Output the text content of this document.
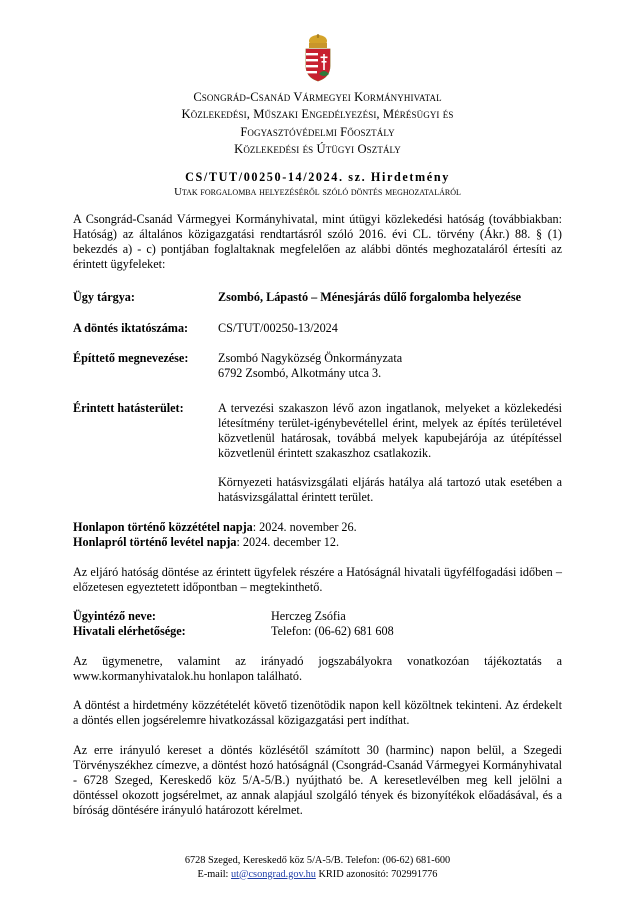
Csongrád-Csanád Vármegyei Kormányhivatal
Közlekedési, Műszaki Engedélyezési, Mérésügyi és
Fogyasztóvédelmi Főosztály
Közlekedési és Útügyi Osztály
CS/TUT/00250-14/2024. sz. Hirdetmény
Utak forgalomba helyezéséről szóló döntés meghozataláról
A Csongrád-Csanád Vármegyei Kormányhivatal, mint útügyi közlekedési hatóság (továbbiakban: Hatóság) az általános közigazgatási rendtartásról szóló 2016. évi CL. törvény (Ákr.) 88. § (1) bekezdés a) - c) pontjában foglaltaknak megfelelően az alábbi döntés meghozataláról értesíti az érintett ügyfeleket:
Ügy tárgya:	Zsombó, Lápastó – Ménesjárás dűlő forgalomba helyezése
A döntés iktatószáma: CS/TUT/00250-13/2024
Építtető megnevezése: Zsombó Nagyközség Önkormányzata
6792 Zsombó, Alkotmány utca 3.
Érintett hatásterület:	A tervezési szakaszon lévő azon ingatlanok, melyeket a közlekedési létesítmény terület-igénybevétellel érint, melyek az építés területével közvetlenül határosak, továbbá melyek kapubejárója az útépítéssel közvetlenül érintett szakaszhoz csatlakozik.
Környezeti hatásvizsgálati eljárás hatálya alá tartozó utak esetében a hatásvizsgálattal érintett terület.
Honlapon történő közzététel napja: 2024. november 26.
Honlapról történő levétel napja: 2024. december 12.
Az eljáró hatóság döntése az érintett ügyfelek részére a Hatóságnál hivatali ügyfélfogadási időben – előzetesen egyeztetett időpontban – megtekinthető.
Ügyintéző neve:	Herczeg Zsófia
Hivatali elérhetősége:	Telefon: (06-62) 681 608
Az ügymenetre, valamint az irányadó jogszabályokra vonatkozóan tájékoztatás a www.kormanyhivatalok.hu honlapon található.
A döntést a hirdetmény közzétételét követő tizenötödik napon kell közöltnek tekinteni. Az érdekelt a döntés ellen jogsérelemre hivatkozással közigazgatási pert indíthat.
Az erre irányuló kereset a döntés közlésétől számított 30 (harminc) napon belül, a Szegedi Törvényszékhez címezve, a döntést hozó hatóságnál (Csongrád-Csanád Vármegyei Kormányhivatal - 6728 Szeged, Kereskedő köz 5/A-5/B.) nyújtható be. A keresetlevélben meg kell jelölni a döntéssel okozott jogsérelmet, az annak alapjául szolgáló tények és bizonyítékok előadásával, és a bíróság döntésére irányuló határozott kérelmet.
6728 Szeged, Kereskedő köz 5/A-5/B. Telefon: (06-62) 681-600
E-mail: ut@csongrad.gov.hu KRID azonosító: 702991776
